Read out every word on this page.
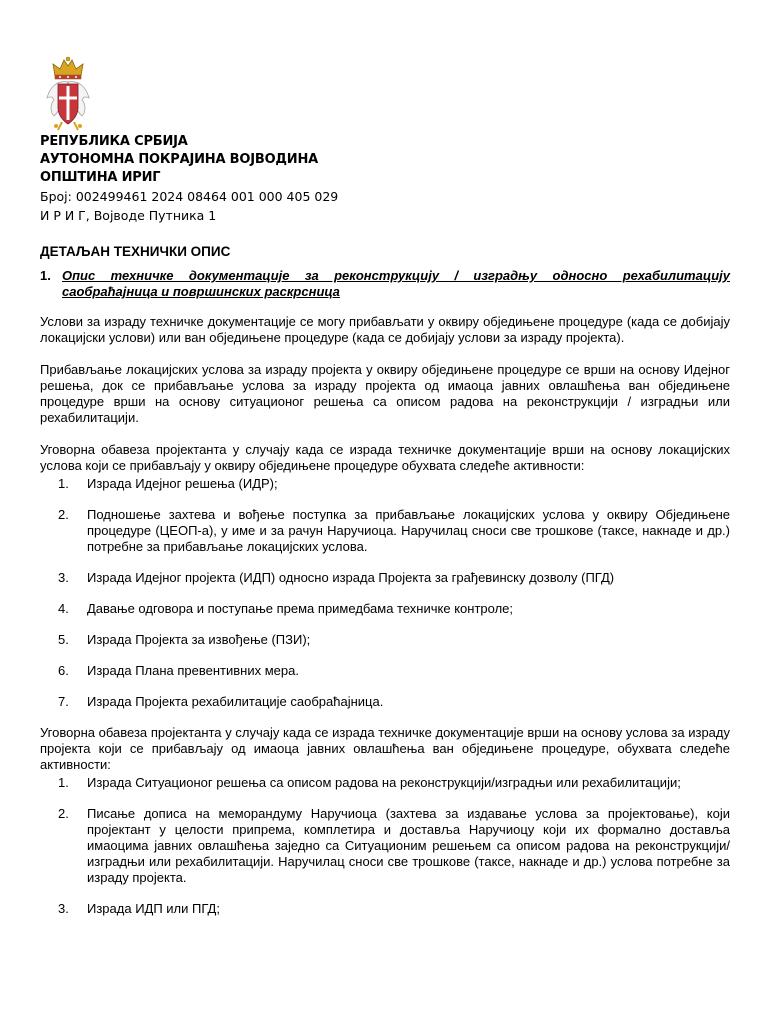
РЕПУБЛИКА СРБИЈА
АУТОНОМНА ПОКРАЈИНА ВОЈВОДИНА
ОПШТИНА ИРИГ
Број: 002499461 2024 08464 001 000 405 029
И Р И Г, Војводе Путника 1
ДЕТАЉАН ТЕХНИЧКИ ОПИС
1. Опис техничке документације за реконструкцију / изградњу односно рехабилитацију саобраћајница и површинских раскрсница

Услови за израду техничке документације се могу прибављати у оквиру обједињене процедуре (када се добијају локацијски услови) или ван обједињене процедуре (када се добијају услови за израду пројекта).

Прибављање локацијских услова за израду пројекта у оквиру обједињене процедуре се врши на основу Идејног решења, док се прибављање услова за израду пројекта од имаоца јавних овлашћења ван обједињене процедуре врши на основу ситуационог решења са описом радова на реконструкцији / изградњи или рехабилитацији.

Уговорна обавеза пројектанта у случају када се израда техничке документације врши на основу локацијских услова који се прибављају у оквиру обједињене процедуре обухвата следеће активности:

1.	Израда Идејног решења (ИДР);
2.	Подношење захтева и вођење поступка за прибављање локацијских услова у оквиру Обједињене процедуре (ЦЕОП-а), у име и за рачун Наручиоца. Наручилац сноси све трошкове (таксе, накнаде и др.) потребне за прибављање локацијских услова.
3.	Израда Идејног пројекта (ИДП) односно израда Пројекта за грађевинску дозволу (ПГД)
4.	Давање одговора и поступање према примедбама техничке контроле;
5.	Израда Пројекта за извођење (ПЗИ);
6.	Израда Плана превентивних мера.
7.	Израда Пројекта рехабилитације саобраћајница.

Уговорна обавеза пројектанта у случају када се израда техничке документације врши на основу услова за израду пројекта који се прибављају од имаоца јавних овлашћења ван обједињене процедуре, обухвата следеће активности:

1.	Израда Ситуационог решења са описом радова на реконструкцији/изградњи или рехабилитацији;
2.	Писање дописа на меморандуму Наручиоца (захтева за издавање услова за пројектовање), који пројектант у целости припрема, комплетира и доставља Наручиоцу који их формално доставља имаоцима јавних овлашћења заједно са Ситуационим решењем са описом радова на реконструкцији/изградњи или рехабилитацији. Наручилац сноси све трошкове (таксе, накнаде и др.) услова потребне за израду пројекта.
3.	Израда ИДП или ПГД;
